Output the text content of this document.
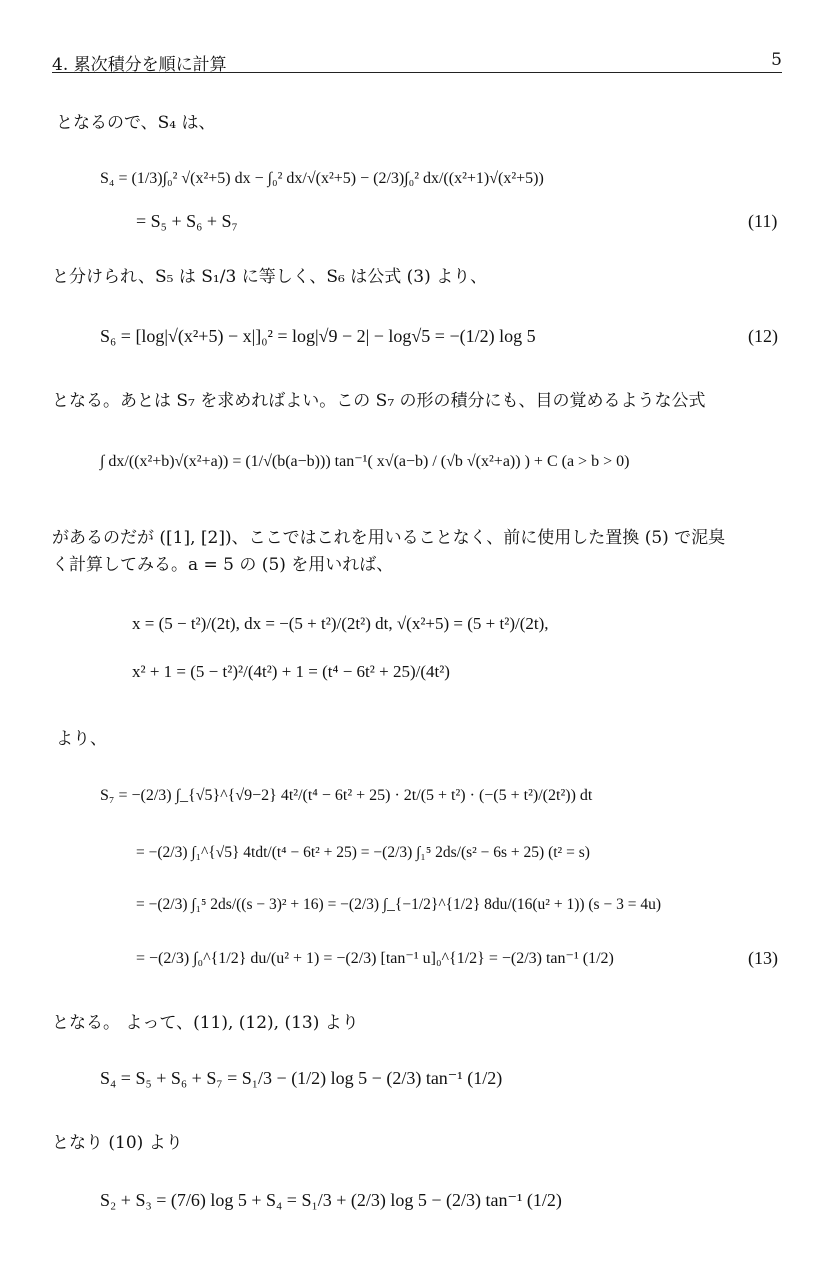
4. 累次積分を順に計算	5
となるので、S₄ は、
S₄ = (1/3)∫₀² √(x²+5) dx − ∫₀² dx/√(x²+5) − (2/3)∫₀² dx/((x²+1)√(x²+5))
= S₅ + S₆ + S₇	(11)
と分けられ、S₅ は S₁/3 に等しく、S₆ は公式 (3) より、
S₆ = [log|√(x²+5) − x|]₀² = log|√9 − 2| − log√5 = −(1/2) log 5	(12)
となる。あとは S₇ を求めればよい。この S₇ の形の積分にも、目の覚めるような公式
∫ dx/((x²+b)√(x²+a)) = (1/√(b(a−b))) tan⁻¹( x√(a−b) / (√b √(x²+a)) ) + C (a > b > 0)
があるのだが ([1], [2])、ここではこれを用いることなく、前に使用した置換 (5) で泥臭
く計算してみる。a = 5 の (5) を用いれば、
x = (5 − t²)/(2t), dx = −(5 + t²)/(2t²) dt, √(x²+5) = (5 + t²)/(2t),
x² + 1 = (5 − t²)²/(4t²) + 1 = (t⁴ − 6t² + 25)/(4t²)
より、
S₇ = −(2/3) ∫_{√5}^{√9−2} 4t²/(t⁴ − 6t² + 25) · 2t/(5 + t²) · (−(5 + t²)/(2t²)) dt
= −(2/3) ∫₁^{√5} 4tdt/(t⁴ − 6t² + 25) = −(2/3) ∫₁⁵ 2ds/(s² − 6s + 25) (t² = s)
= −(2/3) ∫₁⁵ 2ds/((s − 3)² + 16) = −(2/3) ∫_{−1/2}^{1/2} 8du/(16(u² + 1)) (s − 3 = 4u)
= −(2/3) ∫₀^{1/2} du/(u² + 1) = −(2/3) [tan⁻¹ u]₀^{1/2} = −(2/3) tan⁻¹ (1/2)	(13)
となる。 よって、(11), (12), (13) より
S₄ = S₅ + S₆ + S₇ = S₁/3 − (1/2) log 5 − (2/3) tan⁻¹ (1/2)
となり (10) より
S₂ + S₃ = (7/6) log 5 + S₄ = S₁/3 + (2/3) log 5 − (2/3) tan⁻¹ (1/2)
